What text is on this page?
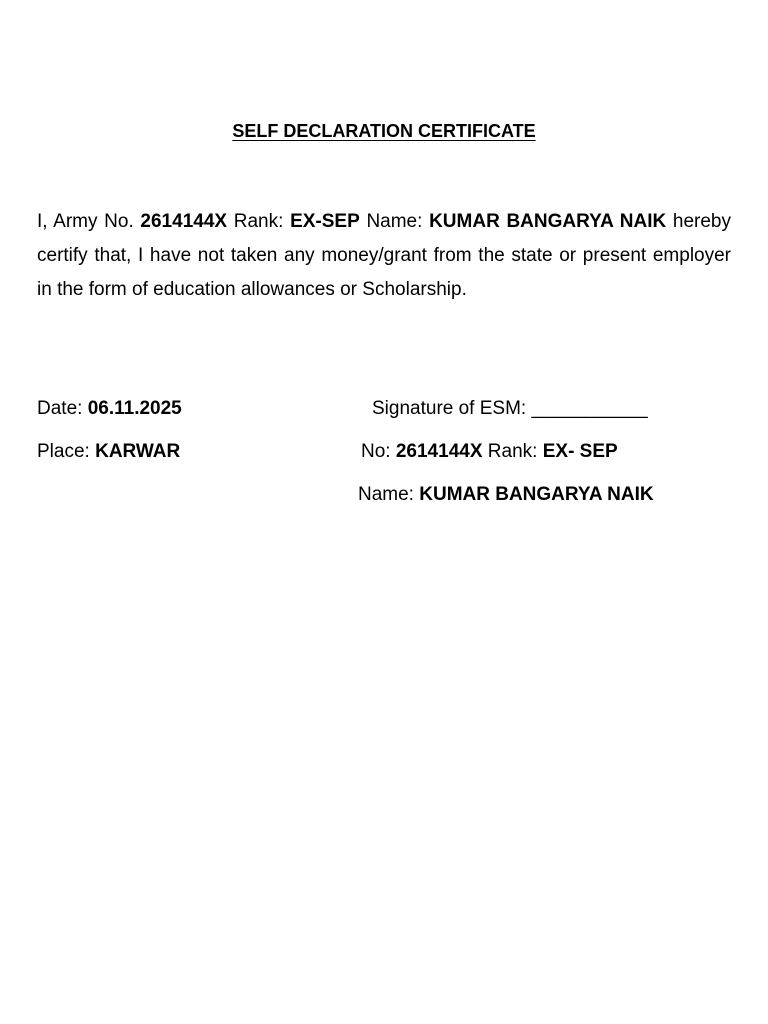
SELF DECLARATION CERTIFICATE

I, Army No. 2614144X Rank: EX-SEP Name: KUMAR BANGARYA NAIK hereby certify that, I have not taken any money/grant from the state or present employer in the form of education allowances or Scholarship.

Date: 06.11.2025
Place: KARWAR
Signature of ESM: ___________
No: 2614144X Rank: EX- SEP
Name: KUMAR BANGARYA NAIK
